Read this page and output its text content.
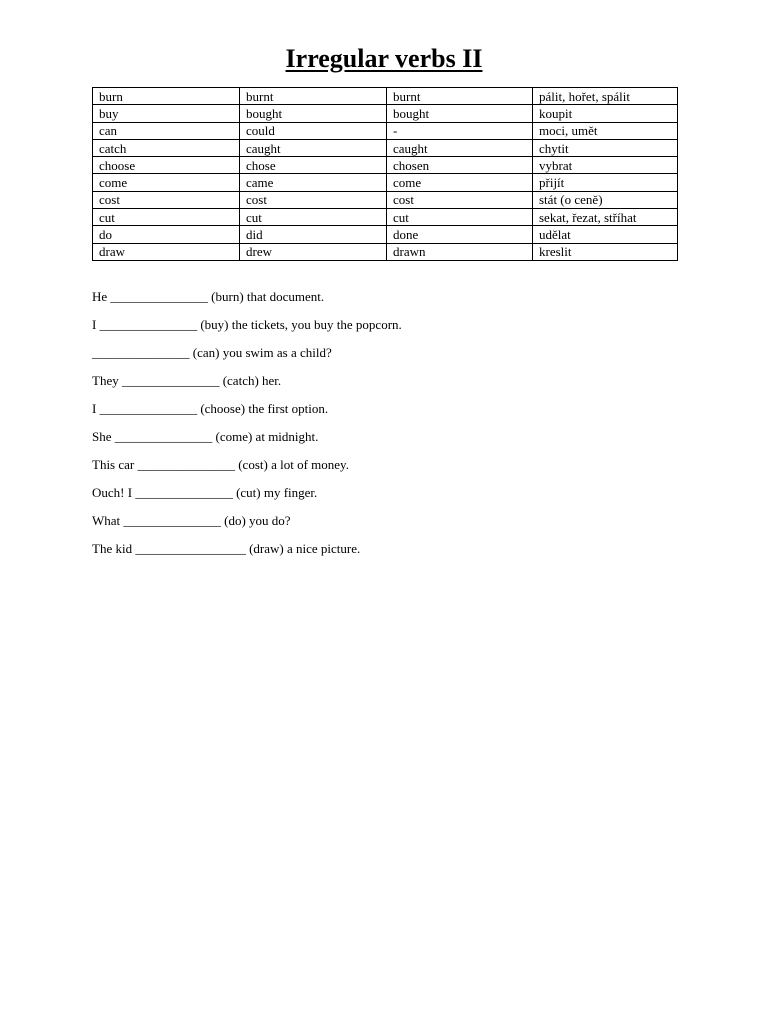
Irregular verbs II
burn	burnt	burnt	pálit, hořet, spálit
buy	bought	bought	koupit
can	could	-	moci, umět
catch	caught	caught	chytit
choose	chose	chosen	vybrat
come	came	come	přijít
cost	cost	cost	stát (o ceně)
cut	cut	cut	sekat, řezat, stříhat
do	did	done	udělat
draw	drew	drawn	kreslit
He _______________ (burn) that document.
I _______________ (buy) the tickets, you buy the popcorn.
_______________ (can) you swim as a child?
They _______________ (catch) her.
I _______________ (choose) the first option.
She _______________ (come) at midnight.
This car _______________ (cost) a lot of money.
Ouch! I _______________ (cut) my finger.
What _______________ (do) you do?
The kid _________________ (draw) a nice picture.
